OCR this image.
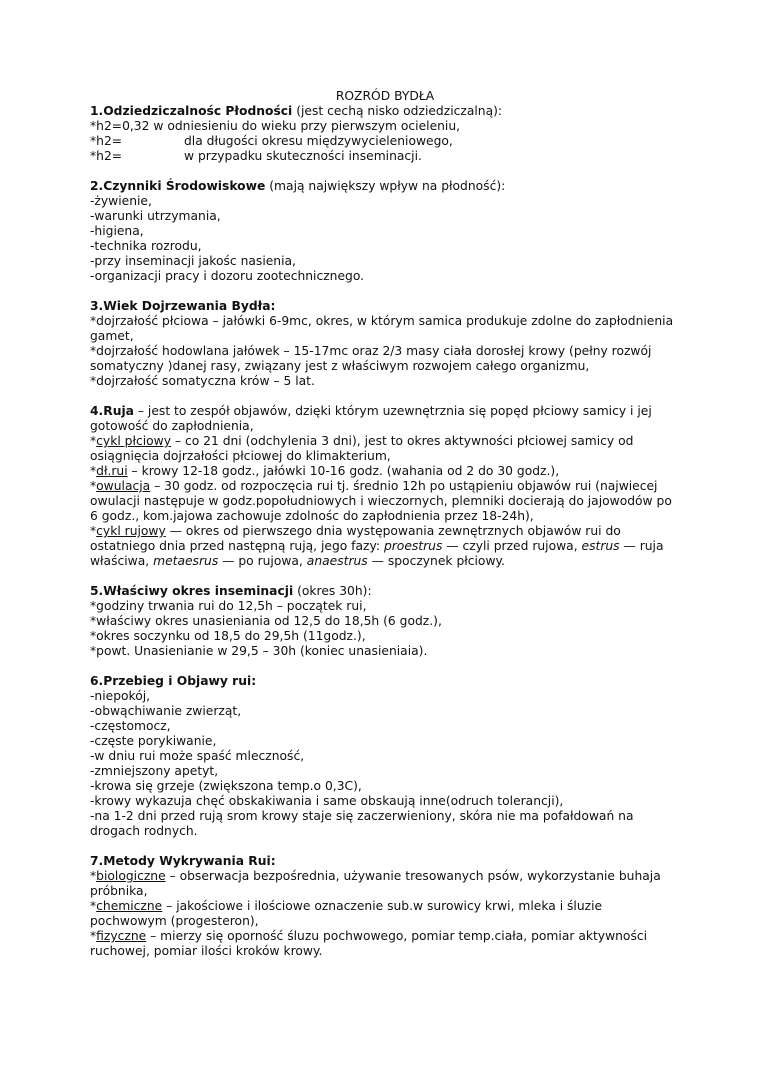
ROZRÓD BYDŁA
1.Odziedziczalnośc Płodności (jest cechą nisko odziedziczalną):
*h2=0,32 w odniesieniu do wieku przy pierwszym ocieleniu,
*h2=	dla długości okresu międzywycieleniowego,
*h2=	w przypadku skuteczności inseminacji.
2.Czynniki Środowiskowe (mają największy wpływ na płodność):
-żywienie,
-warunki utrzymania,
-higiena,
-technika rozrodu,
-przy inseminacji jakośc nasienia,
-organizacji pracy i dozoru zootechnicznego.
3.Wiek Dojrzewania Bydła:
*dojrzałość płciowa – jałówki 6-9mc, okres, w którym samica produkuje zdolne do zapłodnienia gamet,
*dojrzałość hodowlana jałówek – 15-17mc oraz 2/3 masy ciała dorosłej krowy (pełny rozwój somatyczny )danej rasy, związany jest z właściwym rozwojem całego organizmu,
*dojrzałość somatyczna krów – 5 lat.
4.Ruja – jest to zespół objawów, dzięki którym uzewnętrznia się popęd płciowy samicy i jej gotowość do zapłodnienia,
*cykl płciowy – co 21 dni (odchylenia 3 dni), jest to okres aktywności płciowej samicy od osiągnięcia dojrzałości płciowej do klimakterium,
*dł.rui – krowy 12-18 godz., jałówki 10-16 godz. (wahania od 2 do 30 godz.),
*owulacja – 30 godz. od rozpoczęcia rui tj. średnio 12h po ustąpieniu objawów rui (najwiecej owulacji następuje w godz.popołudniowych i wieczornych, plemniki docierają do jajowodów po 6 godz., kom.jajowa zachowuje zdolnośc do zapłodnienia przez 18-24h),
*cykl rujowy — okres od pierwszego dnia występowania zewnętrznych objawów rui do ostatniego dnia przed następną rują, jego fazy: proestrus — czyli przed rujowa, estrus — ruja właściwa, metaesrus — po rujowa, anaestrus — spoczynek płciowy.
5.Właściwy okres inseminacji (okres 30h):
*godziny trwania rui do 12,5h – początek rui,
*właściwy okres unasieniania od 12,5 do 18,5h (6 godz.),
*okres soczynku od 18,5 do 29,5h (11godz.),
*powt. Unasienianie w 29,5 – 30h (koniec unasieniaia).
6.Przebieg i Objawy rui:
-niepokój,
-obwąchiwanie zwierząt,
-częstomocz,
-częste porykiwanie,
-w dniu rui może spaść mleczność,
-zmniejszony apetyt,
-krowa się grzeje (zwiększona temp.o 0,3C),
-krowy wykazuja chęć obskakiwania i same obskaują inne(odruch tolerancji),
-na 1-2 dni przed rują srom krowy staje się zaczerwieniony, skóra nie ma pofałdowań na drogach rodnych.
7.Metody Wykrywania Rui:
*biologiczne – obserwacja bezpośrednia, używanie tresowanych psów, wykorzystanie buhaja próbnika,
*chemiczne – jakościowe i ilościowe oznaczenie sub.w surowicy krwi, mleka i śluzie pochwowym (progesteron),
*fizyczne – mierzy się oporność śluzu pochwowego, pomiar temp.ciała, pomiar aktywności ruchowej, pomiar ilości kroków krowy.
